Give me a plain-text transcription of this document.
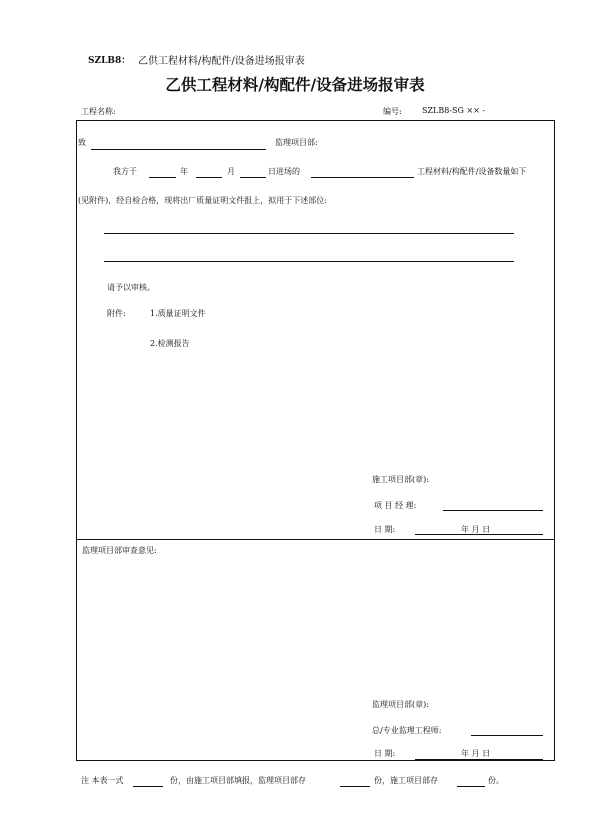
SZLB8： 乙供工程材料/构配件/设备进场报审表
乙供工程材料/构配件/设备进场报审表
工程名称:	编号:	SZLB8-SG ×× -
致	监理项目部:
我方于	年	月	日进场的	工程材料/构配件/设备数量如下
(见附件)，经自检合格，现将出厂质量证明文件报上，拟用于下述部位:
请予以审核。
附件:	1.质量证明文件
2.检测报告
施工项目部(章):
项 目 经 理:
日 期:	年 月 日
监理项目部审查意见:
监理项目部(章):
总/专业监理工程师:
日 期:	年 月 日
注 本表一式	份，由施工项目部填报，监理项目部存	份，施工项目部存	份。
